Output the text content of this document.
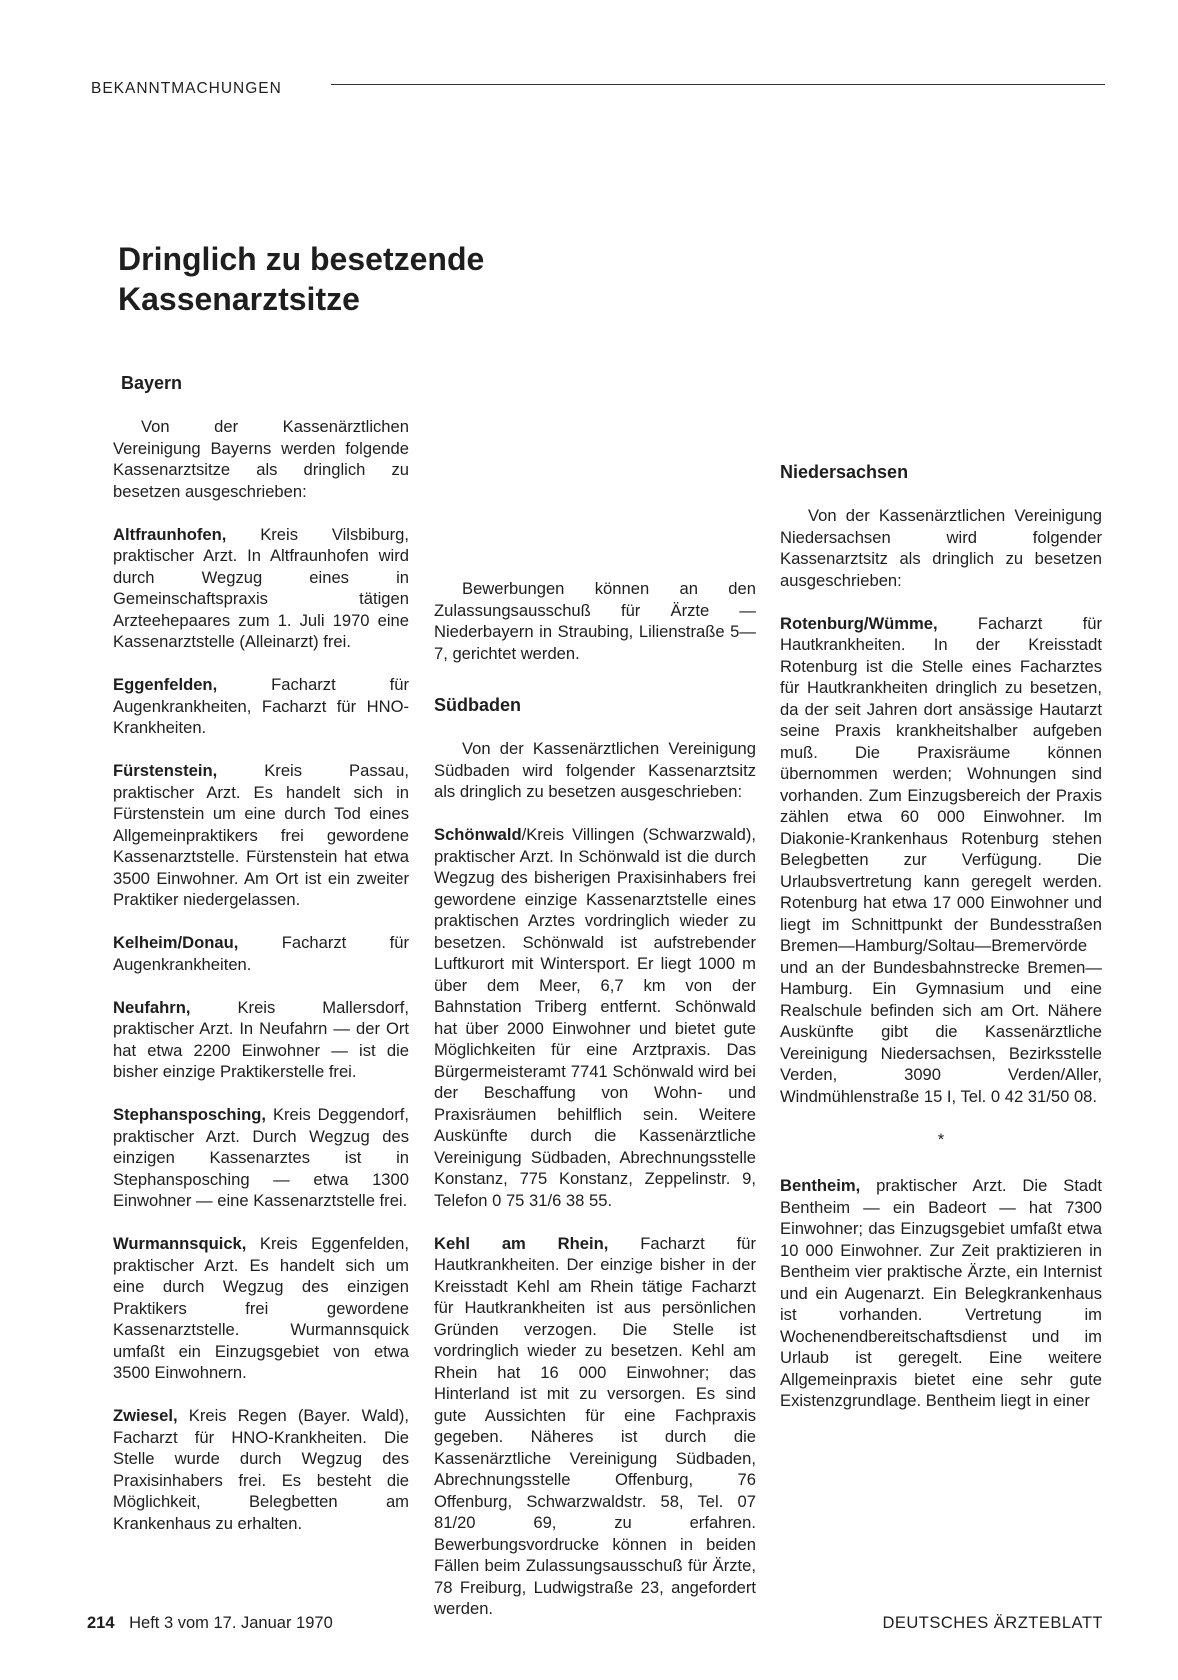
BEKANNTMACHUNGEN
Dringlich zu besetzende Kassenarztsitze
Bayern

Von der Kassenärztlichen Vereinigung Bayerns werden folgende Kassenarztsitze als dringlich zu besetzen ausgeschrieben:

Altfraunhofen, Kreis Vilsbiburg, praktischer Arzt. In Altfraunhofen wird durch Wegzug eines in Gemeinschaftspraxis tätigen Arzteehepaares zum 1. Juli 1970 eine Kassenarztstelle (Alleinarzt) frei.

Eggenfelden, Facharzt für Augenkrankheiten, Facharzt für HNO-Krankheiten.

Fürstenstein, Kreis Passau, praktischer Arzt. Es handelt sich in Fürstenstein um eine durch Tod eines Allgemeinpraktikers frei gewordene Kassenarztstelle. Fürstenstein hat etwa 3500 Einwohner. Am Ort ist ein zweiter Praktiker niedergelassen.

Kelheim/Donau, Facharzt für Augenkrankheiten.

Neufahrn, Kreis Mallersdorf, praktischer Arzt. In Neufahrn — der Ort hat etwa 2200 Einwohner — ist die bisher einzige Praktikerstelle frei.

Stephansposching, Kreis Deggendorf, praktischer Arzt. Durch Wegzug des einzigen Kassenarztes ist in Stephansposching — etwa 1300 Einwohner — eine Kassenarztstelle frei.

Wurmannsquick, Kreis Eggenfelden, praktischer Arzt. Es handelt sich um eine durch Wegzug des einzigen Praktikers frei gewordene Kassenarztstelle. Wurmannsquick umfaßt ein Einzugsgebiet von etwa 3500 Einwohnern.

Zwiesel, Kreis Regen (Bayer. Wald), Facharzt für HNO-Krankheiten. Die Stelle wurde durch Wegzug des Praxisinhabers frei. Es besteht die Möglichkeit, Belegbetten am Krankenhaus zu erhalten.

Bewerbungen können an den Zulassungsausschuß für Ärzte — Niederbayern in Straubing, Lilienstraße 5—7, gerichtet werden.

Südbaden

Von der Kassenärztlichen Vereinigung Südbaden wird folgender Kassenarztsitz als dringlich zu besetzen ausgeschrieben:

Schönwald/Kreis Villingen (Schwarzwald), praktischer Arzt. In Schönwald ist die durch Wegzug des bisherigen Praxisinhabers frei gewordene einzige Kassenarztstelle eines praktischen Arztes vordringlich wieder zu besetzen. Schönwald ist aufstrebender Luftkurort mit Wintersport. Er liegt 1000 m über dem Meer, 6,7 km von der Bahnstation Triberg entfernt. Schönwald hat über 2000 Einwohner und bietet gute Möglichkeiten für eine Arztpraxis. Das Bürgermeisteramt 7741 Schönwald wird bei der Beschaffung von Wohn- und Praxisräumen behilflich sein. Weitere Auskünfte durch die Kassenärztliche Vereinigung Südbaden, Abrechnungsstelle Konstanz, 775 Konstanz, Zeppelinstr. 9, Telefon 0 75 31/6 38 55.

Kehl am Rhein, Facharzt für Hautkrankheiten. Der einzige bisher in der Kreisstadt Kehl am Rhein tätige Facharzt für Hautkrankheiten ist aus persönlichen Gründen verzogen. Die Stelle ist vordringlich wieder zu besetzen. Kehl am Rhein hat 16 000 Einwohner; das Hinterland ist mit zu versorgen. Es sind gute Aussichten für eine Fachpraxis gegeben. Näheres ist durch die Kassenärztliche Vereinigung Südbaden, Abrechnungsstelle Offenburg, 76 Offenburg, Schwarzwaldstr. 58, Tel. 07 81/20 69, zu erfahren. Bewerbungsvordrucke können in beiden Fällen beim Zulassungsausschuß für Ärzte, 78 Freiburg, Ludwigstraße 23, angefordert werden.

Niedersachsen

Von der Kassenärztlichen Vereinigung Niedersachsen wird folgender Kassenarztsitz als dringlich zu besetzen ausgeschrieben:

Rotenburg/Wümme, Facharzt für Hautkrankheiten. In der Kreisstadt Rotenburg ist die Stelle eines Facharztes für Hautkrankheiten dringlich zu besetzen, da der seit Jahren dort ansässige Hautarzt seine Praxis krankheitshalber aufgeben muß. Die Praxisräume können übernommen werden; Wohnungen sind vorhanden. Zum Einzugsbereich der Praxis zählen etwa 60 000 Einwohner. Im Diakonie-Krankenhaus Rotenburg stehen Belegbetten zur Verfügung. Die Urlaubsvertretung kann geregelt werden. Rotenburg hat etwa 17 000 Einwohner und liegt im Schnittpunkt der Bundesstraßen Bremen—Hamburg/Soltau—Bremervörde und an der Bundesbahnstrecke Bremen—Hamburg. Ein Gymnasium und eine Realschule befinden sich am Ort. Nähere Auskünfte gibt die Kassenärztliche Vereinigung Niedersachsen, Bezirksstelle Verden, 3090 Verden/Aller, Windmühlenstraße 15 I, Tel. 0 42 31/50 08.

*

Bentheim, praktischer Arzt. Die Stadt Bentheim — ein Badeort — hat 7300 Einwohner; das Einzugsgebiet umfaßt etwa 10 000 Einwohner. Zur Zeit praktizieren in Bentheim vier praktische Ärzte, ein Internist und ein Augenarzt. Ein Belegkrankenhaus ist vorhanden. Vertretung im Wochenendbereitschaftsdienst und im Urlaub ist geregelt. Eine weitere Allgemeinpraxis bietet eine sehr gute Existenzgrundlage. Bentheim liegt in einer

214 Heft 3 vom 17. Januar 1970	DEUTSCHES ÄRZTEBLATT
